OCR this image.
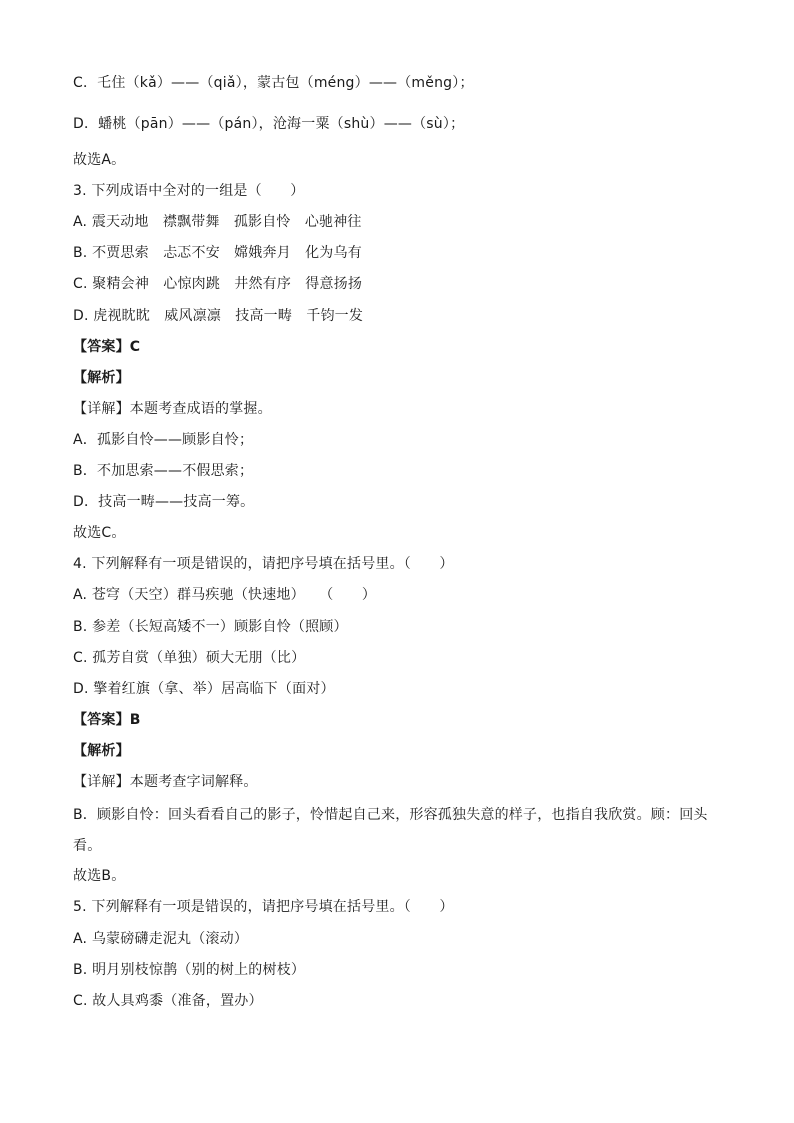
C．乇住（kǎ）——（qiǎ），蒙古包（méng）——（měng）；
D．蟠桃（pān）——（pán），沧海一粟（shù）——（sù）；
故选A。
3. 下列成语中全对的一组是（　　）
A. 震天动地　襟飘带舞　孤影自怜　心驰神往
B. 不贾思索　忐忑不安　嫦娥奔月　化为乌有
C. 聚精会神　心惊肉跳　井然有序　得意扬扬
D. 虎视眈眈　威风凛凛　技高一畴　千钧一发
【答案】C
【解析】
【详解】本题考查成语的掌握。
A．孤影自怜——顾影自怜；
B．不加思索——不假思索；
D．技高一畴——技高一筹。
故选C。
4. 下列解释有一项是错误的，请把序号填在括号里。（　　）
A. 苍穹（天空）群马疾驰（快速地）　　（　　）
B. 参差（长短高矮不一）顾影自怜（照顾）
C. 孤芳自赏（单独）硕大无朋（比）
D. 擎着红旗（拿、举）居高临下（面对）
【答案】B
【解析】
【详解】本题考查字词解释。
B．顾影自怜：回头看看自己的影子，怜惜起自己来，形容孤独失意的样子，也指自我欣赏。顾：回头看。
故选B。
5. 下列解释有一项是错误的，请把序号填在括号里。（　　）
A. 乌蒙磅礴走泥丸（滚动）
B. 明月别枝惊鹊（别的树上的树枝）
C. 故人具鸡黍（准备，置办）
